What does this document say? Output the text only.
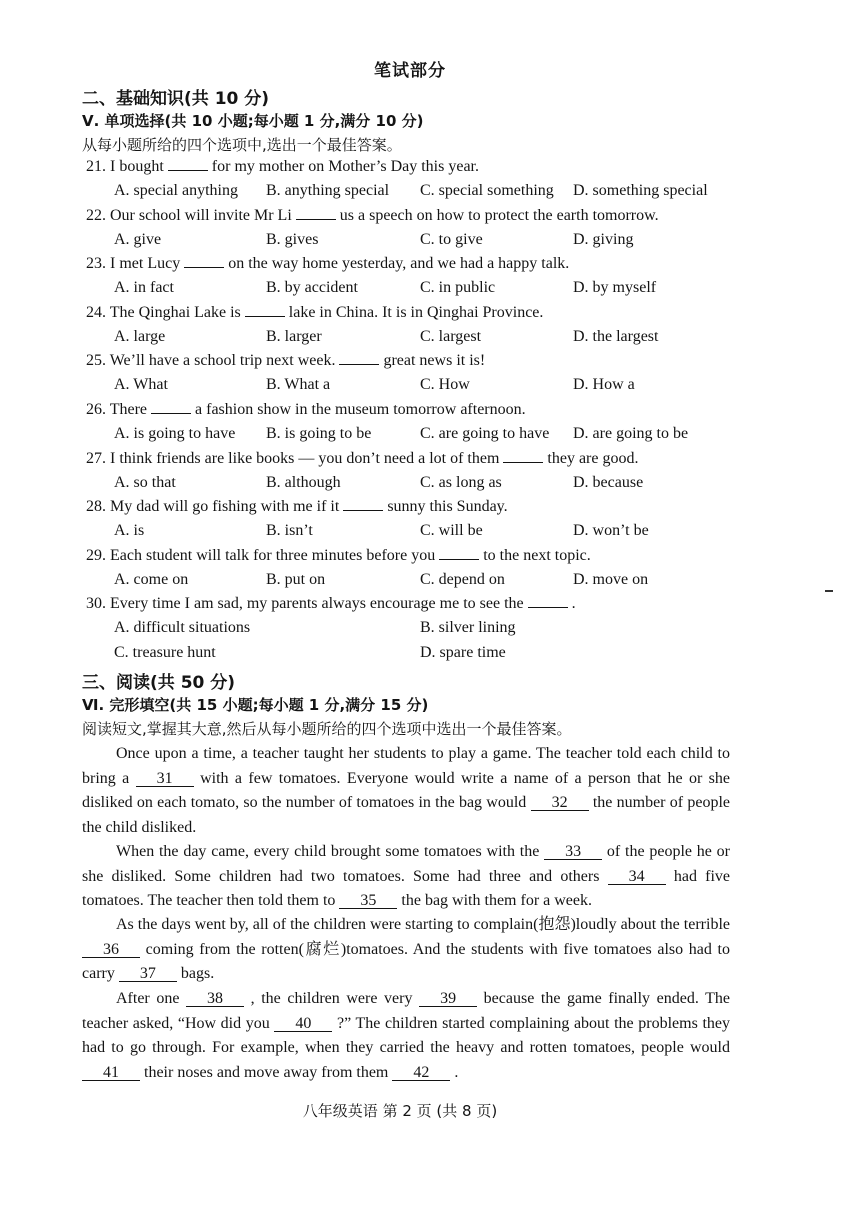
笔试部分
二、基础知识(共 10 分)
Ⅴ. 单项选择(共 10 小题;每小题 1 分,满分 10 分)
从每小题所给的四个选项中,选出一个最佳答案。
21. I bought	for my mother on Mother’s Day this year.
A. special anything B. anything special C. special something D. something special
22. Our school will invite Mr Li	us a speech on how to protect the earth tomorrow.
A. give	B. gives	C. to give	D. giving
23. I met Lucy	on the way home yesterday, and we had a happy talk.
A. in fact	B. by accident	C. in public	D. by myself
24. The Qinghai Lake is	lake in China. It is in Qinghai Province.
A. large	B. larger	C. largest	D. the largest
25. We’ll have a school trip next week.	great news it is!
A. What	B. What a	C. How	D. How a
26. There	a fashion show in the museum tomorrow afternoon.
A. is going to have B. is going to be	C. are going to have D. are going to be
27. I think friends are like books — you don’t need a lot of them	they are good.
A. so that	B. although	C. as long as	D. because
28. My dad will go fishing with me if it	sunny this Sunday.
A. is	B. isn’t	C. will be	D. won’t be
29. Each student will talk for three minutes before you	to the next topic.
A. come on	B. put on	C. depend on	D. move on
30. Every time I am sad, my parents always encourage me to see the	.
A. difficult situations	B. silver lining
C. treasure hunt	D. spare time
三、阅读(共 50 分)
Ⅵ. 完形填空(共 15 小题;每小题 1 分,满分 15 分)
阅读短文,掌握其大意,然后从每小题所给的四个选项中选出一个最佳答案。
Once upon a time, a teacher taught her students to play a game. The teacher told each child to bring a 31 with a few tomatoes. Everyone would write a name of a person that he or she disliked on each tomato, so the number of tomatoes in the bag would 32 the number of people the child disliked.
When the day came, every child brought some tomatoes with the 33 of the people he or she disliked. Some children had two tomatoes. Some had three and others 34 had five tomatoes. The teacher then told them to 35 the bag with them for a week.
As the days went by, all of the children were starting to complain(抱怨)loudly about the terrible 36 coming from the rotten(腐烂)tomatoes. And the students with five tomatoes also had to carry 37 bags.
After one 38 , the children were very 39 because the game finally ended. The teacher asked, “How did you 40 ?” The children started complaining about the problems they had to go through. For example, when they carried the heavy and rotten tomatoes, people would 41 their noses and move away from them 42 .
八年级英语 第 2 页 (共 8 页)
